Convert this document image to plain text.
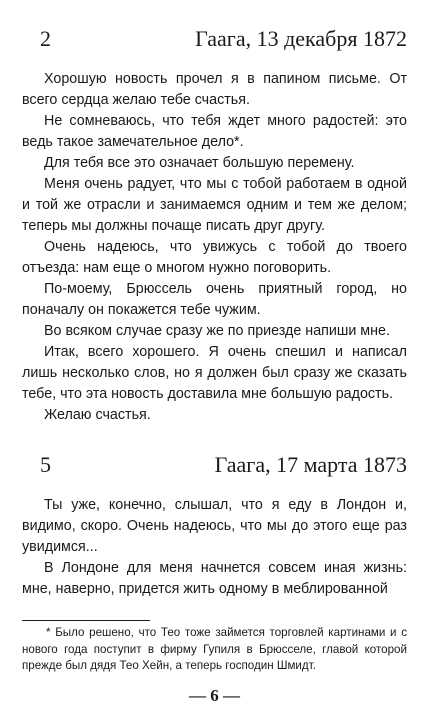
2	Гаага, 13 декабря 1872

Хорошую новость прочел я в папином письме. От всего сердца желаю тебе счастья.

Не сомневаюсь, что тебя ждет много радостей: это ведь такое замечательное дело*.

Для тебя все это означает большую перемену.

Меня очень радует, что мы с тобой работаем в одной и той же отрасли и занимаемся одним и тем же делом; теперь мы должны почаще писать друг другу.

Очень надеюсь, что увижусь с тобой до твоего отъезда: нам еще о многом нужно поговорить.

По-моему, Брюссель очень приятный город, но поначалу он покажется тебе чужим.

Во всяком случае сразу же по приезде напиши мне.

Итак, всего хорошего. Я очень спешил и написал лишь несколько слов, но я должен был сразу же сказать тебе, что эта новость доставила мне большую радость.

Желаю счастья.

5	Гаага, 17 марта 1873

Ты уже, конечно, слышал, что я еду в Лондон и, видимо, скоро. Очень надеюсь, что мы до этого еще раз увидимся...

В Лондоне для меня начнется совсем иная жизнь: мне, наверно, придется жить одному в меблированной

* Было решено, что Тео тоже займется торговлей картинами и с нового года поступит в фирму Гупиля в Брюсселе, главой которой прежде был дядя Тео Хейн, а теперь господин Шмидт.

— 6 —
